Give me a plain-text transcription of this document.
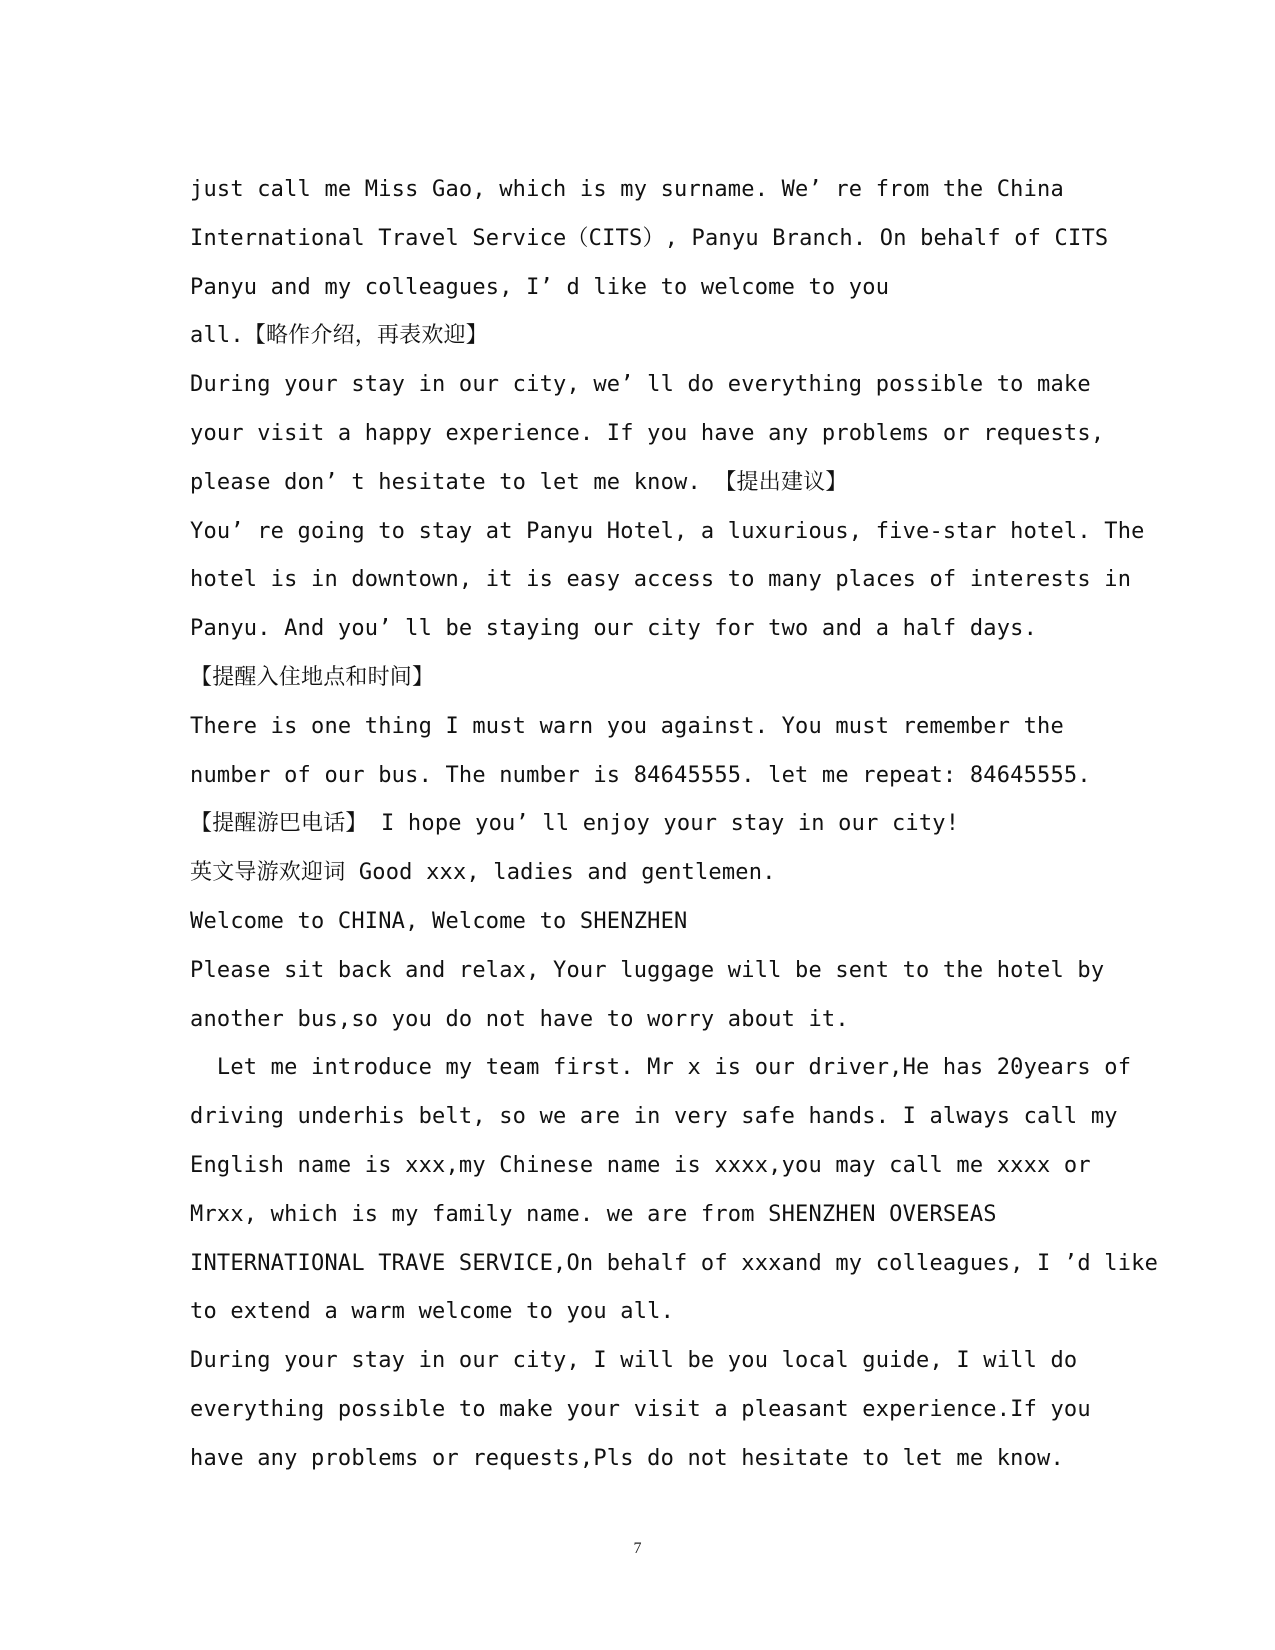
just call me Miss Gao, which is my surname. We’ re from the China
International Travel Service（CITS）, Panyu Branch. On behalf of CITS
Panyu and my colleagues, I’ d like to welcome to you
all.【略作介绍，再表欢迎】
During your stay in our city, we’ ll do everything possible to make
your visit a happy experience. If you have any problems or requests,
please don’ t hesitate to let me know. 【提出建议】
You’ re going to stay at Panyu Hotel, a luxurious, five-star hotel. The
hotel is in downtown, it is easy access to many places of interests in
Panyu. And you’ ll be staying our city for two and a half days.
【提醒入住地点和时间】
There is one thing I must warn you against. You must remember the
number of our bus. The number is 84645555. let me repeat: 84645555.
【提醒游巴电话】 I hope you’ ll enjoy your stay in our city!
英文导游欢迎词 Good xxx, ladies and gentlemen.
Welcome to CHINA, Welcome to SHENZHEN
Please sit back and relax, Your luggage will be sent to the hotel by
another bus,so you do not have to worry about it.
Let me introduce my team first. Mr x is our driver,He has 20years of
driving underhis belt, so we are in very safe hands. I always call my
English name is xxx,my Chinese name is xxxx,you may call me xxxx or
Mrxx, which is my family name. we are from SHENZHEN OVERSEAS
INTERNATIONAL TRAVE SERVICE,On behalf of xxxand my colleagues, I ’d like
to extend a warm welcome to you all.
During your stay in our city, I will be you local guide, I will do
everything possible to make your visit a pleasant experience.If you
have any problems or requests,Pls do not hesitate to let me know.
7
